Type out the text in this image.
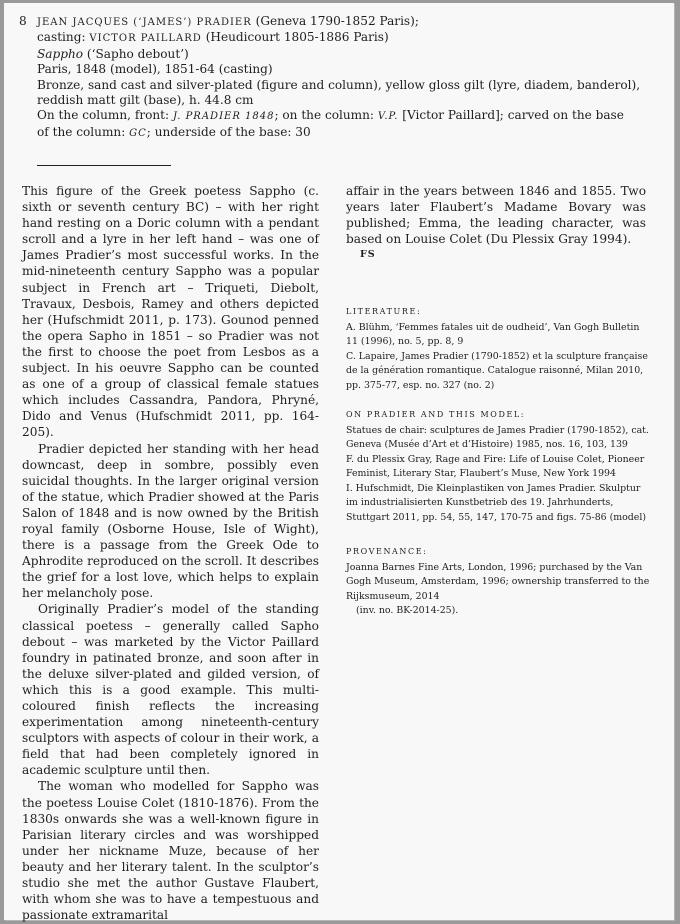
8 JEAN JACQUES (‘JAMES’) PRADIER (Geneva 1790-1852 Paris);
casting: VICTOR PAILLARD (Heudicourt 1805-1886 Paris)
Sappho (‘Sapho debout’)
Paris, 1848 (model), 1851-64 (casting)
Bronze, sand cast and silver-plated (figure and column), yellow gloss gilt (lyre, diadem, banderol),
reddish matt gilt (base), h. 44.8 cm
On the column, front: J. PRADIER 1848; on the column: V.P. [Victor Paillard]; carved on the base
of the column: GC; underside of the base: 30

This figure of the Greek poetess Sappho (c. sixth or seventh century BC) – with her right hand resting on a Doric column with a pendant scroll and a lyre in her left hand – was one of James Pradier’s most successful works. In the mid-nineteenth century Sappho was a popular subject in French art – Triqueti, Diebolt, Travaux, Desbois, Ramey and others depicted her (Hufschmidt 2011, p. 173). Gounod penned the opera Sapho in 1851 – so Pradier was not the first to choose the poet from Lesbos as a subject. In his oeuvre Sappho can be counted as one of a group of classical female statues which includes Cassandra, Pandora, Phryné, Dido and Venus (Hufschmidt 2011, pp. 164-205).

Pradier depicted her standing with her head downcast, deep in sombre, possibly even suicidal thoughts. In the larger original version of the statue, which Pradier showed at the Paris Salon of 1848 and is now owned by the British royal family (Osborne House, Isle of Wight), there is a passage from the Greek Ode to Aphrodite reproduced on the scroll. It describes the grief for a lost love, which helps to explain her melancholy pose.

Originally Pradier’s model of the standing classical poetess – generally called Sapho debout – was marketed by the Victor Paillard foundry in patinated bronze, and soon after in the deluxe silver-plated and gilded version, of which this is a good example. This multi-coloured finish reflects the increasing experimentation among nineteenth-century sculptors with aspects of colour in their work, a field that had been completely ignored in academic sculpture until then.

The woman who modelled for Sappho was the poetess Louise Colet (1810-1876). From the 1830s onwards she was a well-known figure in Parisian literary circles and was worshipped under her nickname Muze, because of her beauty and her literary talent. In the sculptor’s studio she met the author Gustave Flaubert, with whom she was to have a tempestuous and passionate extramarital

affair in the years between 1846 and 1855. Two years later Flaubert’s Madame Bovary was published; Emma, the leading character, was based on Louise Colet (Du Plessix Gray 1994).

FS
LITERATURE:

A. Blühm, ‘Femmes fatales uit de oudheid’, Van Gogh Bulletin 11 (1996), no. 5, pp. 8, 9

C. Lapaire, James Pradier (1790-1852) et la sculpture française de la génération romantique. Catalogue raisonné, Milan 2010, pp. 375-77, esp. no. 327 (no. 2)

ON PRADIER AND THIS MODEL:

Statues de chair: sculptures de James Pradier (1790-1852), cat. Geneva (Musée d’Art et d’Histoire) 1985, nos. 16, 103, 139

F. du Plessix Gray, Rage and Fire: Life of Louise Colet, Pioneer Feminist, Literary Star, Flaubert’s Muse, New York 1994

I. Hufschmidt, Die Kleinplastiken von James Pradier. Skulptur im industrialisierten Kunstbetrieb des 19. Jahrhunderts, Stuttgart 2011, pp. 54, 55, 147, 170-75 and figs. 75-86 (model)

PROVENANCE:

Joanna Barnes Fine Arts, London, 1996; purchased by the Van Gogh Museum, Amsterdam, 1996; ownership transferred to the Rijksmuseum, 2014

(inv. no. BK-2014-25).
